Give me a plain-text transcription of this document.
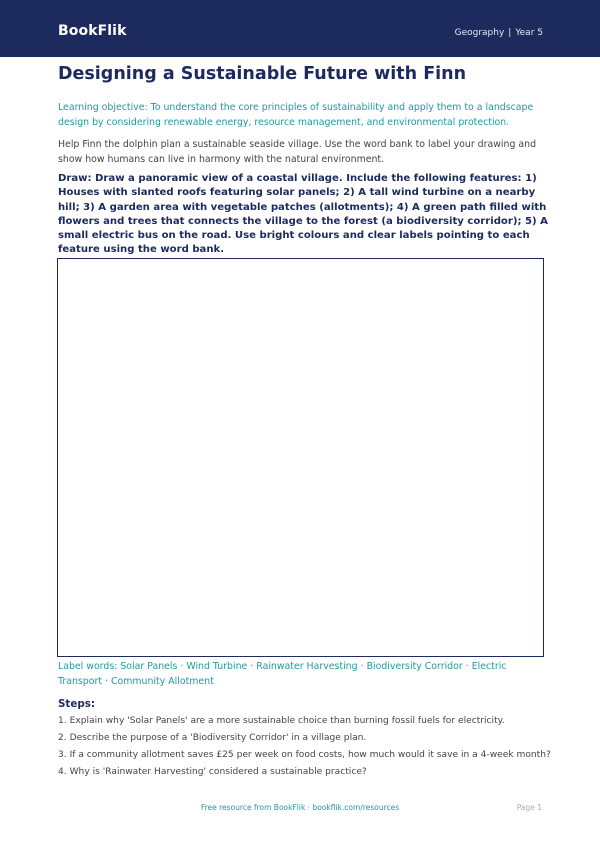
BookFlik	Geography | Year 5
Designing a Sustainable Future with Finn

Learning objective: To understand the core principles of sustainability and apply them to a landscape design by considering renewable energy, resource management, and environmental protection.

Help Finn the dolphin plan a sustainable seaside village. Use the word bank to label your drawing and show how humans can live in harmony with the natural environment.

Draw: Draw a panoramic view of a coastal village. Include the following features: 1) Houses with slanted roofs featuring solar panels; 2) A tall wind turbine on a nearby hill; 3) A garden area with vegetable patches (allotments); 4) A green path filled with flowers and trees that connects the village to the forest (a biodiversity corridor); 5) A small electric bus on the road. Use bright colours and clear labels pointing to each feature using the word bank.

Label words: Solar Panels · Wind Turbine · Rainwater Harvesting · Biodiversity Corridor · Electric Transport · Community Allotment
Steps:
1. Explain why 'Solar Panels' are a more sustainable choice than burning fossil fuels for electricity.
2. Describe the purpose of a 'Biodiversity Corridor' in a village plan.
3. If a community allotment saves £25 per week on food costs, how much would it save in a 4-week month?
4. Why is 'Rainwater Harvesting' considered a sustainable practice?
Free resource from BookFlik · bookflik.com/resources	Page 1
